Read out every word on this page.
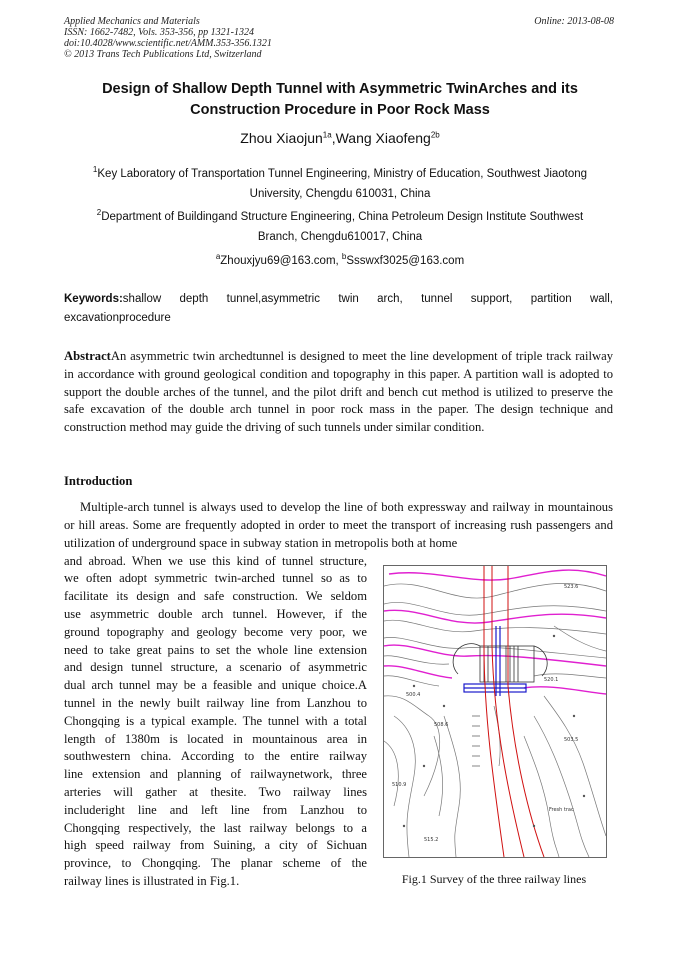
Applied Mechanics and Materials
ISSN: 1662-7482, Vols. 353-356, pp 1321-1324
doi:10.4028/www.scientific.net/AMM.353-356.1321
© 2013 Trans Tech Publications Ltd, Switzerland
Online: 2013-08-08
Design of Shallow Depth Tunnel with Asymmetric TwinArches and its
Construction Procedure in Poor Rock Mass
Zhou Xiaojun$^{1a}$,Wang Xiaofeng$^{2b}$
$^1$Key Laboratory of Transportation Tunnel Engineering, Ministry of Education, Southwest Jiaotong
University, Chengdu 610031, China
$^2$Department of Buildingand Structure Engineering, China Petroleum Design Institute Southwest
Branch, Chengdu610017, China
$^a$Zhouxjyu69@163.com, $^b$Ssswxf3025@163.com
Keywords:shallow depth tunnel,asymmetric twin arch, tunnel support, partition wall,
excavationprocedure
AbstractAn asymmetric twin archedtunnel is designed to meet the line development of triple track railway in accordance with ground geological condition and topography in this paper. A partition wall is adopted to support the double arches of the tunnel, and the pilot drift and bench cut method is utilized to preserve the safe excavation of the double arch tunnel in poor rock mass in the paper. The design technique and construction method may guide the driving of such tunnels under similar condition.
Introduction
Multiple-arch tunnel is always used to develop the line of both expressway and railway in mountainous or hill areas. Some are frequently adopted in order to meet the transport of increasing rush passengers and utilization of underground space in subway station in metropolis both at home
and abroad. When we use this kind of tunnel structure,
we often adopt symmetric twin-arched tunnel so as to
facilitate its design and safe construction. We seldom
use asymmetric double arch tunnel. However, if the
ground topography and geology become very poor, we
need to take great pains to set the whole line extension
and design tunnel structure, a scenario of asymmetric
dual arch tunnel may be a feasible and unique choice.A
tunnel in the newly built railway line from Lanzhou to
Chongqing is a typical example. The tunnel with a total
length of 1380m is located in mountainous area in
southwestern china. According to the entire railway
line extension and planning of railwaynetwork, three
arteries will gather at thesite. Two railway lines
includeright line and left line from Lanzhou to
Chongqing respectively, the last railway belongs to a
high speed railway from Suining, a city of Sichuan
province, to Chongqing. The planar scheme of the
railway lines is illustrated in Fig.1.
Fresh trac
523.6
500.4
508.6
510.9
515.2
503.5
520.1
Fig.1 Survey of the three railway lines
